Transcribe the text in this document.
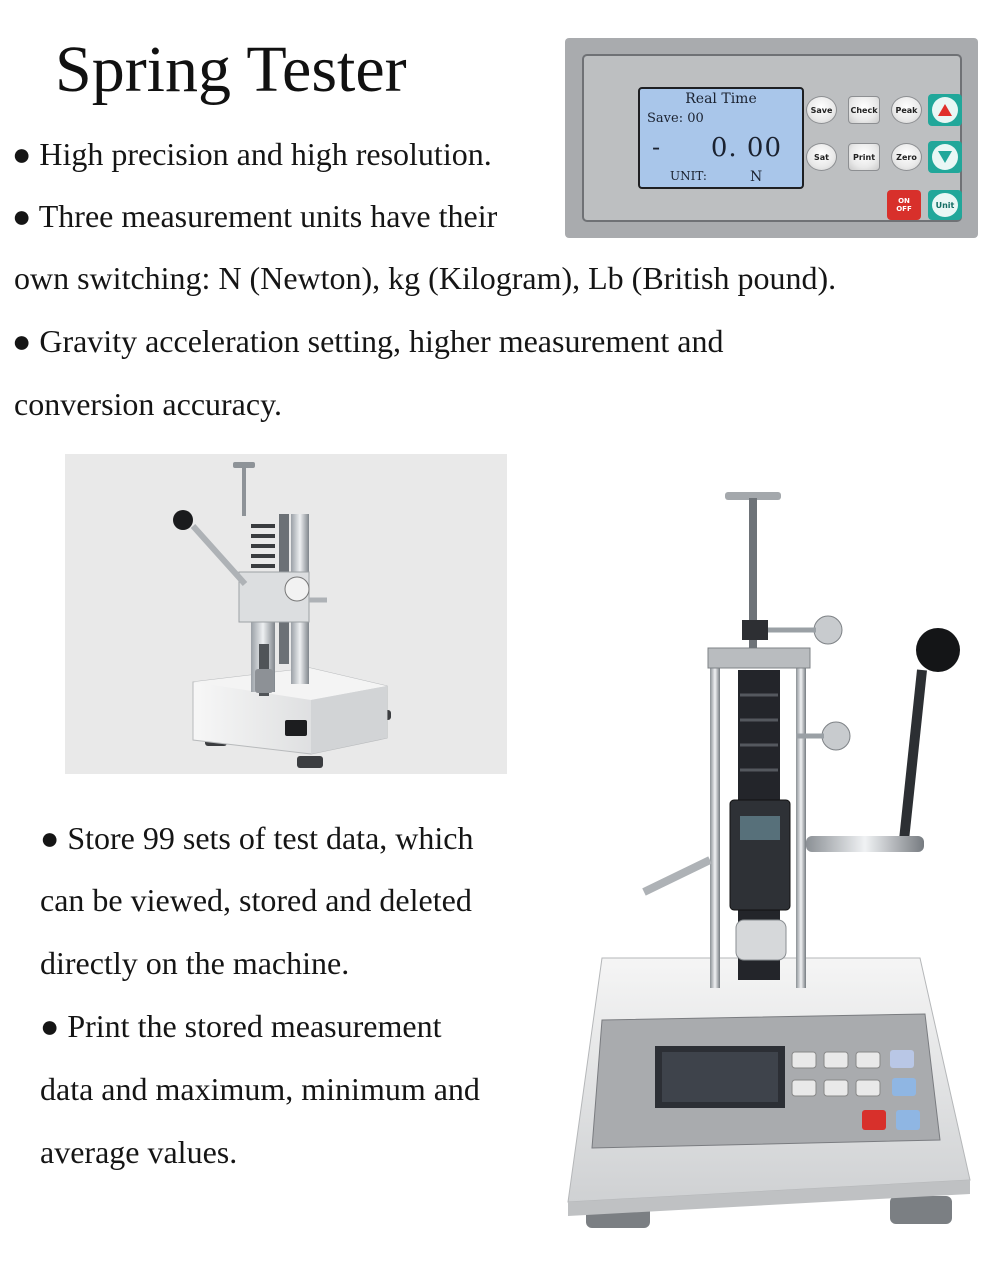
Spring Tester
● High precision and high resolution.
● Three measurement units have their
own switching: N (Newton), kg (Kilogram), Lb (British pound).
● Gravity acceleration setting, higher measurement and
conversion accuracy.
Real Time
Save: 00
- 0. 00
UNIT:	N
Save	Check	Peak
Sat	Print	Zero
ON
OFF	Unit
● Store 99 sets of test data, which
can be viewed, stored and deleted
directly on the machine.
● Print the stored measurement
data and maximum, minimum and
average values.
